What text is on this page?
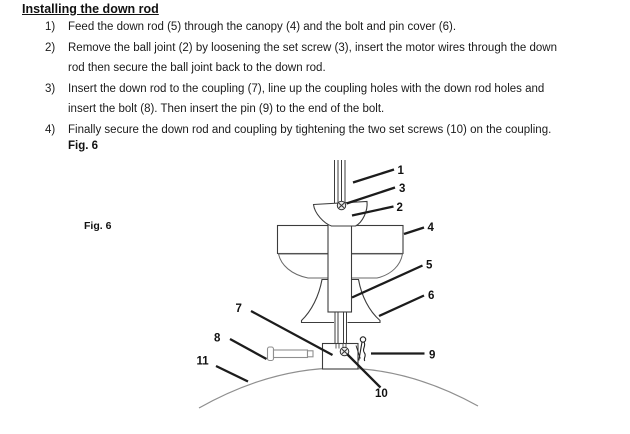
Installing the down rod
1) Feed the down rod (5) through the canopy (4) and the bolt and pin cover (6).
2) Remove the ball joint (2) by loosening the set screw (3), insert the motor wires through the down
rod then secure the ball joint back to the down rod.
3) Insert the down rod to the coupling (7), line up the coupling holes with the down rod holes and
insert the bolt (8). Then insert the pin (9) to the end of the bolt.
4) Finally secure the down rod and coupling by tightening the two set screws (10) on the coupling.
Fig. 6
Fig. 6
1
3
2
4
5
6
7
8
9
10
11
